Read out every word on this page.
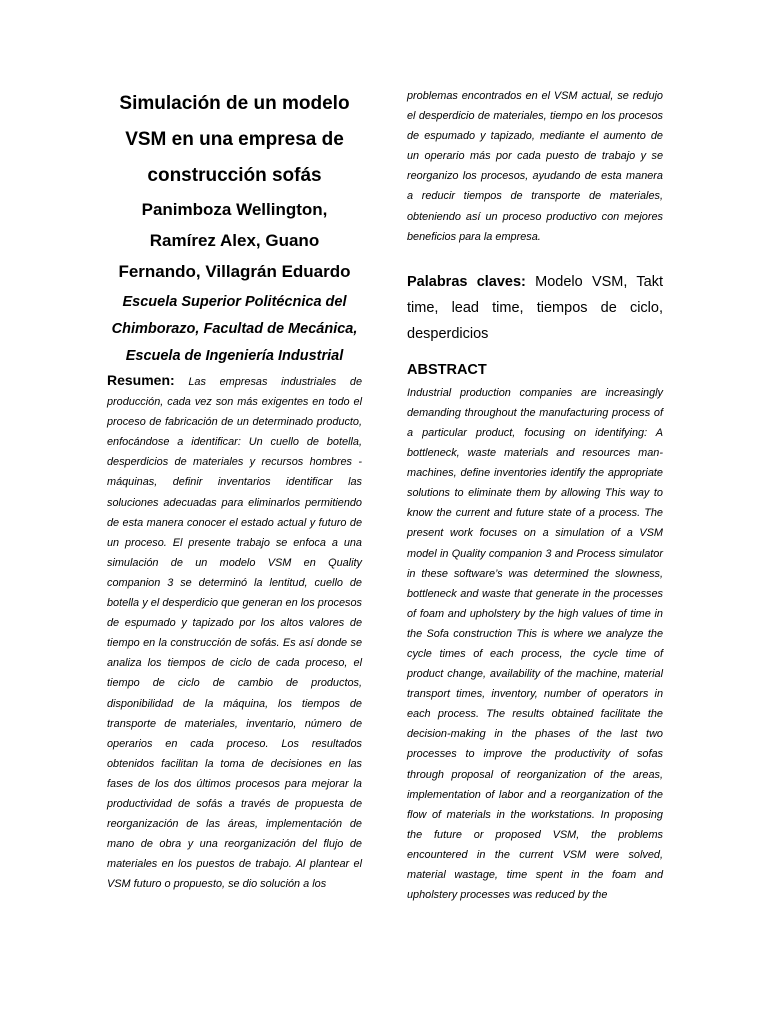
Simulación de un modelo VSM en una empresa de construcción sofás

Panimboza Wellington, Ramírez Alex, Guano Fernando, Villagrán Eduardo

Escuela Superior Politécnica del Chimborazo, Facultad de Mecánica, Escuela de Ingeniería Industrial

Resumen: Las empresas industriales de producción, cada vez son más exigentes en todo el proceso de fabricación de un determinado producto, enfocándose a identificar: Un cuello de botella, desperdicios de materiales y recursos hombres - máquinas, definir inventarios identificar las soluciones adecuadas para eliminarlos permitiendo de esta manera conocer el estado actual y futuro de un proceso. El presente trabajo se enfoca a una simulación de un modelo VSM en Quality companion 3 se determinó la lentitud, cuello de botella y el desperdicio que generan en los procesos de espumado y tapizado por los altos valores de tiempo en la construcción de sofás. Es así donde se analiza los tiempos de ciclo de cada proceso, el tiempo de ciclo de cambio de productos, disponibilidad de la máquina, los tiempos de transporte de materiales, inventario, número de operarios en cada proceso. Los resultados obtenidos facilitan la toma de decisiones en las fases de los dos últimos procesos para mejorar la productividad de sofás a través de propuesta de reorganización de las áreas, implementación de mano de obra y una reorganización del flujo de materiales en los puestos de trabajo. Al plantear el VSM futuro o propuesto, se dio solución a los

problemas encontrados en el VSM actual, se redujo el desperdicio de materiales, tiempo en los procesos de espumado y tapizado, mediante el aumento de un operario más por cada puesto de trabajo y se reorganizo los procesos, ayudando de esta manera a reducir tiempos de transporte de materiales, obteniendo así un proceso productivo con mejores beneficios para la empresa.

Palabras claves: Modelo VSM, Takt time, lead time, tiempos de ciclo, desperdicios

ABSTRACT

Industrial production companies are increasingly demanding throughout the manufacturing process of a particular product, focusing on identifying: A bottleneck, waste materials and resources man-machines, define inventories identify the appropriate solutions to eliminate them by allowing This way to know the current and future state of a process. The present work focuses on a simulation of a VSM model in Quality companion 3 and Process simulator in these software’s was determined the slowness, bottleneck and waste that generate in the processes of foam and upholstery by the high values of time in the Sofa construction This is where we analyze the cycle times of each process, the cycle time of product change, availability of the machine, material transport times, inventory, number of operators in each process. The results obtained facilitate the decision-making in the phases of the last two processes to improve the productivity of sofas through proposal of reorganization of the areas, implementation of labor and a reorganization of the flow of materials in the workstations. In proposing the future or proposed VSM, the problems encountered in the current VSM were solved, material wastage, time spent in the foam and upholstery processes was reduced by the
